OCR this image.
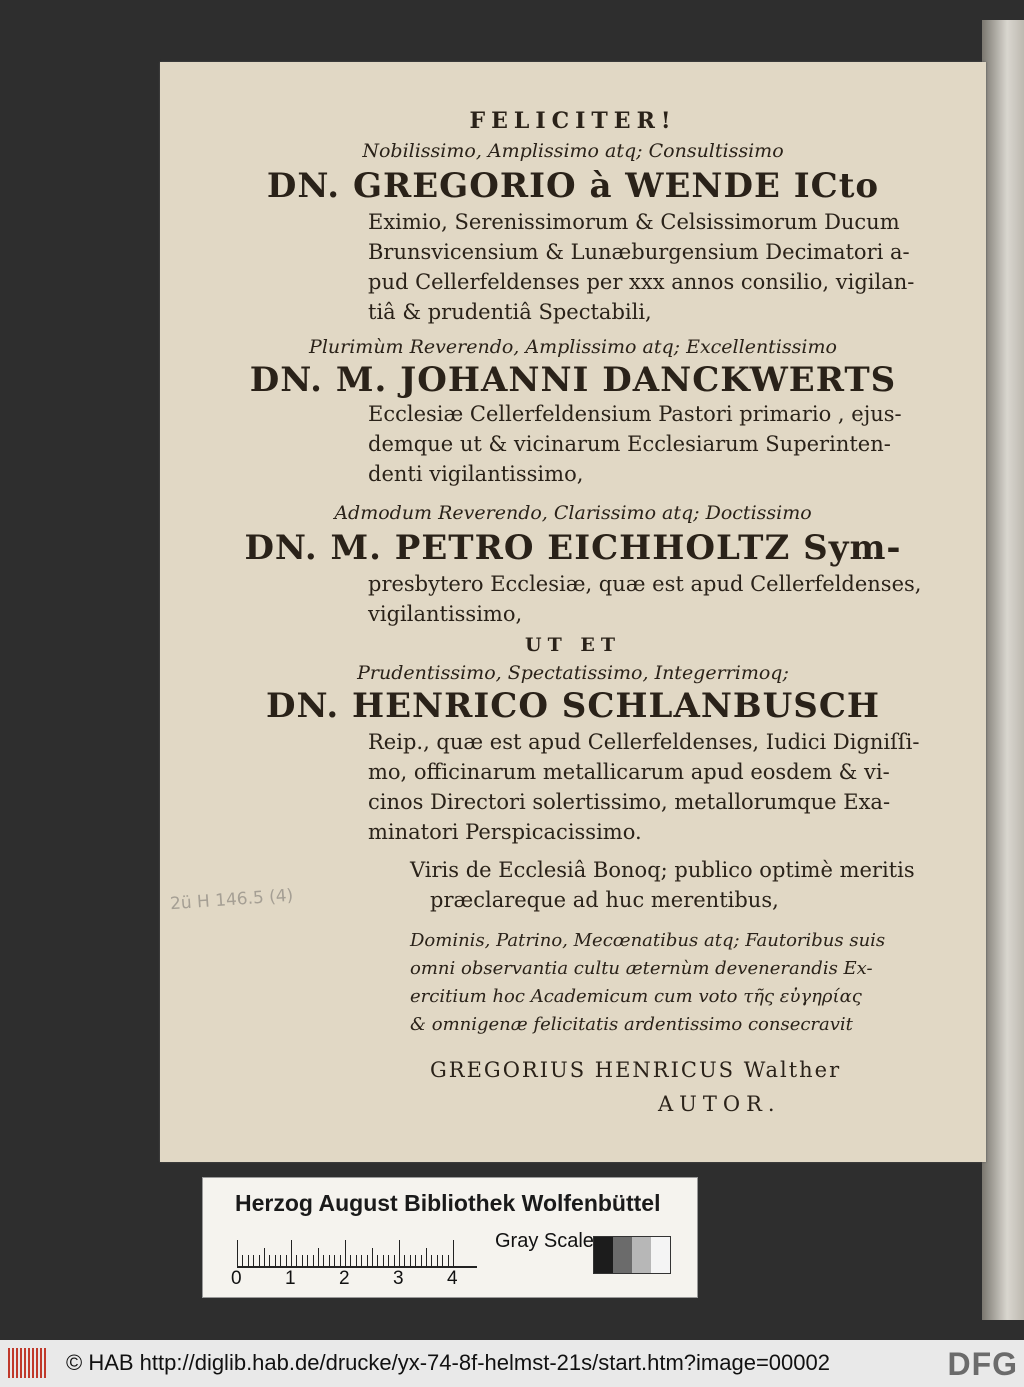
FELICITER!
Nobilissimo, Amplissimo atq; Consultissimo
DN. GREGORIO à WENDE ICto
Eximio, Serenissimorum & Celsissimorum Ducum
Brunsvicensium & Lunæburgensium Decimatori a-
pud Cellerfeldenses per xxx annos consilio, vigilan-
tiâ & prudentiâ Spectabili,
Plurimùm Reverendo, Amplissimo atq; Excellentissimo
DN. M. JOHANNI DANCKWERTS
Ecclesiæ Cellerfeldensium Pastori primario , ejus-
demque ut & vicinarum Ecclesiarum Superinten-
denti vigilantissimo,
Admodum Reverendo, Clarissimo atq; Doctissimo
DN. M. PETRO EICHHOLTZ Sym-
presbytero Ecclesiæ, quæ est apud Cellerfeldenses,
vigilantissimo,
UT ET
Prudentissimo, Spectatissimo, Integerrimoq;
DN. HENRICO SCHLANBUSCH
Reip., quæ est apud Cellerfeldenses, Iudici Digniſſi-
mo, officinarum metallicarum apud eosdem & vi-
cinos Directori solertissimo, metallorumque Exa-
minatori Perspicacissimo.
Viris de Ecclesiâ Bonoq; publico optimè meritis
præclareque ad huc merentibus,
Dominis, Patrino, Mecœnatibus atq; Fautoribus suis
omni observantia cultu æternùm devenerandis Ex-
ercitium hoc Academicum cum voto τῆς εὐγηρίας
& omnigenæ felicitatis ardentissimo consecravit
GREGORIUS HENRICUS Walther
AUTOR.
2ü H 146.5 (4)
Herzog August Bibliothek Wolfenbüttel
0 1 2 3 4
Gray Scale
© HAB http://diglib.hab.de/drucke/yx-74-8f-helmst-21s/start.htm?image=00002	DFG
